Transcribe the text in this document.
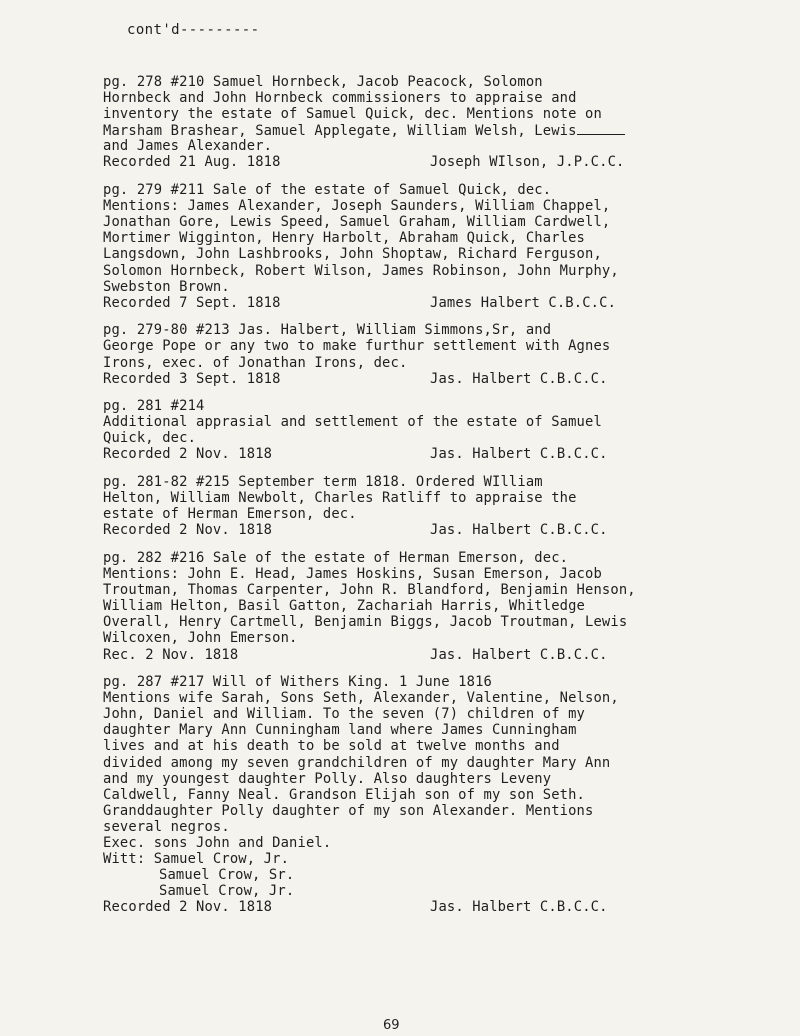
cont'd---------
pg. 278 #210 Samuel Hornbeck, Jacob Peacock, Solomon
Hornbeck and John Hornbeck commissioners to appraise and
inventory the estate of Samuel Quick, dec. Mentions note on
Marsham Brashear, Samuel Applegate, William Welsh, Lewis
and James Alexander.

Recorded 21 Aug. 1818

	Joseph WIlson, J.P.C.C.

pg. 279 #211 Sale of the estate of Samuel Quick, dec.
Mentions: James Alexander, Joseph Saunders, William Chappel,
Jonathan Gore, Lewis Speed, Samuel Graham, William Cardwell,
Mortimer Wigginton, Henry Harbolt, Abraham Quick, Charles
Langsdown, John Lashbrooks, John Shoptaw, Richard Ferguson,
Solomon Hornbeck, Robert Wilson, James Robinson, John Murphy,
Swebston Brown.

Recorded 7 Sept. 1818

	James Halbert C.B.C.C.

pg. 279-80 #213 Jas. Halbert, William Simmons,Sr, and
George Pope or any two to make furthur settlement with Agnes
Irons, exec. of Jonathan Irons, dec.

Recorded 3 Sept. 1818

	Jas. Halbert C.B.C.C.

pg. 281 #214
Additional apprasial and settlement of the estate of Samuel
Quick, dec.

Recorded 2 Nov. 1818

	Jas. Halbert C.B.C.C.

pg. 281-82 #215 September term 1818. Ordered WIlliam
Helton, William Newbolt, Charles Ratliff to appraise the
estate of Herman Emerson, dec.

Recorded 2 Nov. 1818

	Jas. Halbert C.B.C.C.

pg. 282 #216 Sale of the estate of Herman Emerson, dec.
Mentions: John E. Head, James Hoskins, Susan Emerson, Jacob
Troutman, Thomas Carpenter, John R. Blandford, Benjamin Henson,
William Helton, Basil Gatton, Zachariah Harris, Whitledge
Overall, Henry Cartmell, Benjamin Biggs, Jacob Troutman, Lewis
Wilcoxen, John Emerson.

Rec. 2 Nov. 1818

	Jas. Halbert C.B.C.C.

pg. 287 #217 Will of Withers King. 1 June 1816
Mentions wife Sarah, Sons Seth, Alexander, Valentine, Nelson,
John, Daniel and William. To the seven (7) children of my
daughter Mary Ann Cunningham land where James Cunningham
lives and at his death to be sold at twelve months and
divided among my seven grandchildren of my daughter Mary Ann
and my youngest daughter Polly. Also daughters Leveny
Caldwell, Fanny Neal. Grandson Elijah son of my son Seth.
Granddaughter Polly daughter of my son Alexander. Mentions
several negros.
Exec. sons John and Daniel.
Witt: Samuel Crow, Jr.
Samuel Crow, Sr.
Samuel Crow, Jr.

Recorded 2 Nov. 1818

	Jas. Halbert C.B.C.C.

69
